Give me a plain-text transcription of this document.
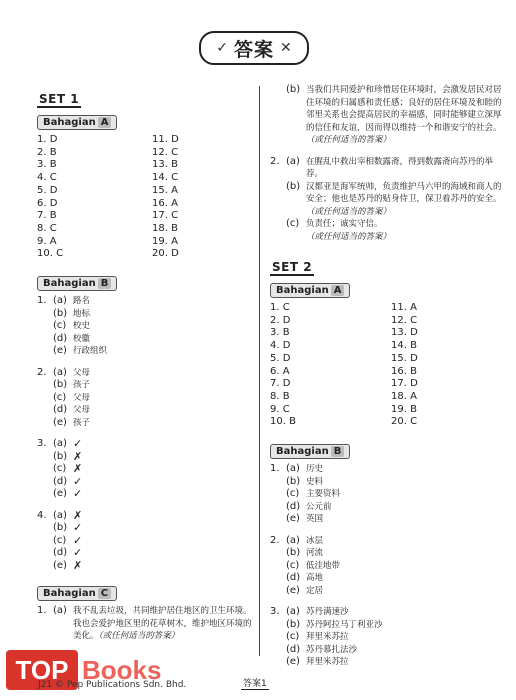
✓ 答案 ✕
SET 1
Bahagian A
1. D
2. B
3. B
4. C
5. D
6. D
7. B
8. C
9. A
10. C
11. D
12. C
13. B
14. C
15. A
16. A
17. C
18. B
19. A
20. D
Bahagian B
1. (a) 路名
(b) 地标
(c) 校史
(d) 校徽
(e) 行政组织
2. (a) 父母
(b) 孩子
(c) 父母
(d) 父母
(e) 孩子
3. (a) ✓
(b) ✗
(c) ✗
(d) ✓
(e) ✓
4. (a) ✗
(b) ✓
(c) ✓
(d) ✓
(e) ✗
Bahagian C
1. (a) 我不乱丢垃圾，共同维护居住地区的卫生环境。我也会爱护地区里的花草树木，维护地区环境的美化。（或任何适当的答案）
(b) 当我们共同爱护和珍惜居住环境时，会激发居民对居住环境的归属感和责任感；良好的居住环境及和睦的邻里关系也会提高居民的幸福感，同时能够建立深厚的信任和友谊，因而得以维持一个和谐安宁的社会。（或任何适当的答案）
2. (a) 在腥乱中救出宰相数露斋，得到数露斋向苏丹的举荐。
(b) 汉都亚是海军统帅，负责维护马六甲的海域和商人的安全；他也是苏丹的贴身侍卫，保卫着苏丹的安全。（或任何适当的答案）
(c) 负责任；诚实守信。
（或任何适当的答案）
SET 2
Bahagian A
1. C
2. D
3. B
4. D
5. D
6. A
7. D
8. B
9. C
10. B
11. A
12. C
13. D
14. B
15. D
16. B
17. D
18. A
19. B
20. C
Bahagian B
1. (a) 历史
(b) 史料
(c) 主要资料
(d) 公元前
(e) 英国
2. (a) 冰层
(b) 河流
(c) 低洼地带
(d) 高地
(e) 定居
3. (a) 苏丹满速沙
(b) 苏丹阿拉马丁利亚沙
(c) 拜里米苏拉
(d) 苏丹慕扎法沙
(e) 拜里米苏拉
TOP Books
J21 © Pep Publications Sdn. Bhd.	答案1
